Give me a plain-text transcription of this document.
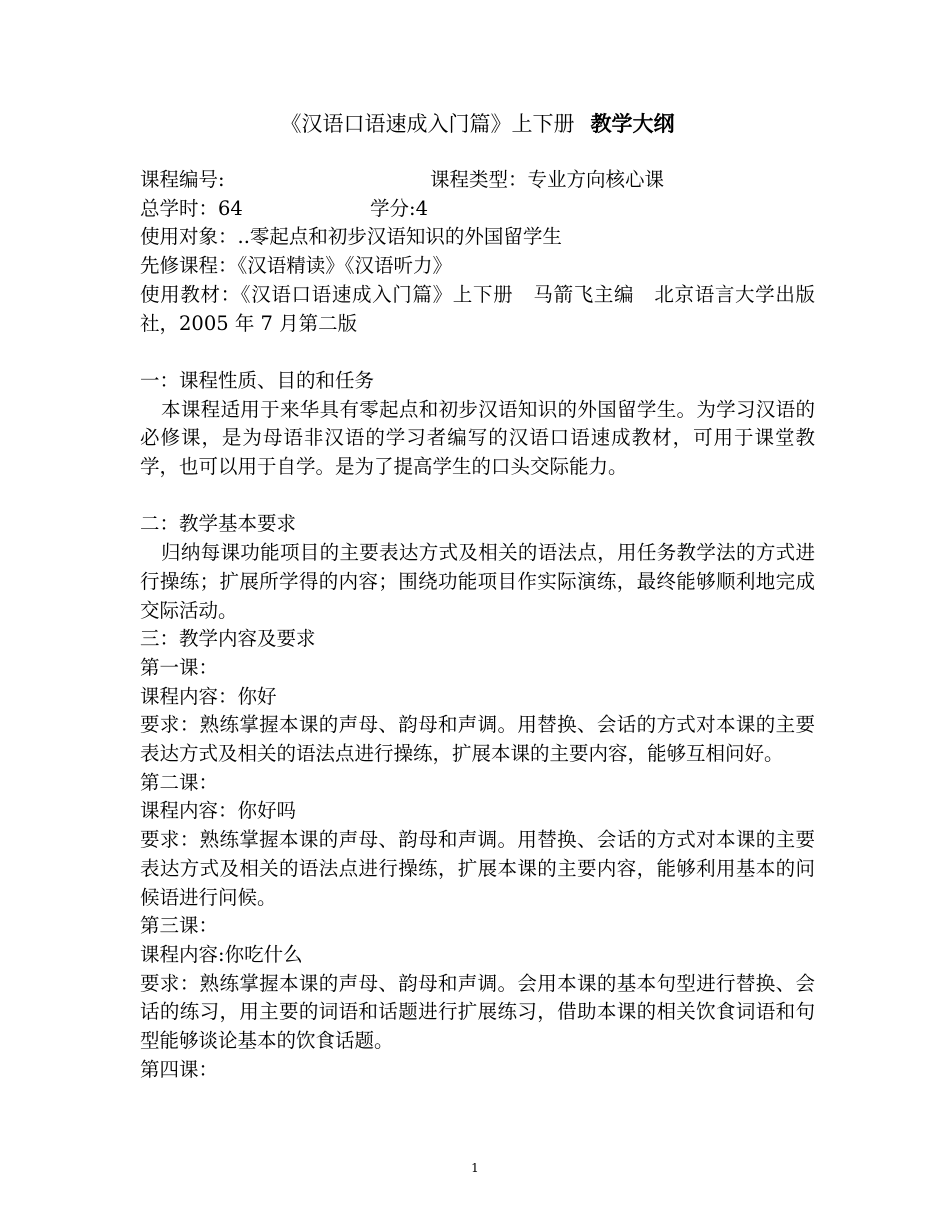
《汉语口语速成入门篇》上下册 教学大纲

课程编号:	课程类型：专业方向核心课

总学时：64	学分:4

使用对象：..零起点和初步汉语知识的外国留学生

先修课程：《汉语精读》《汉语听力》

使用教材：《汉语口语速成入门篇》上下册　马箭飞主编　北京语言大学出版社，2005 年 7 月第二版

一：课程性质、目的和任务

本课程适用于来华具有零起点和初步汉语知识的外国留学生。为学习汉语的必修课，是为母语非汉语的学习者编写的汉语口语速成教材，可用于课堂教学，也可以用于自学。是为了提高学生的口头交际能力。

二：教学基本要求

归纳每课功能项目的主要表达方式及相关的语法点，用任务教学法的方式进行操练；扩展所学得的内容；围绕功能项目作实际演练，最终能够顺利地完成交际活动。

三：教学内容及要求

第一课：

课程内容：你好

要求：熟练掌握本课的声母、韵母和声调。用替换、会话的方式对本课的主要表达方式及相关的语法点进行操练，扩展本课的主要内容，能够互相问好。

第二课：

课程内容：你好吗

要求：熟练掌握本课的声母、韵母和声调。用替换、会话的方式对本课的主要表达方式及相关的语法点进行操练，扩展本课的主要内容，能够利用基本的问候语进行问候。

第三课：

课程内容:你吃什么

要求：熟练掌握本课的声母、韵母和声调。会用本课的基本句型进行替换、会话的练习，用主要的词语和话题进行扩展练习，借助本课的相关饮食词语和句型能够谈论基本的饮食话题。

第四课：

1
